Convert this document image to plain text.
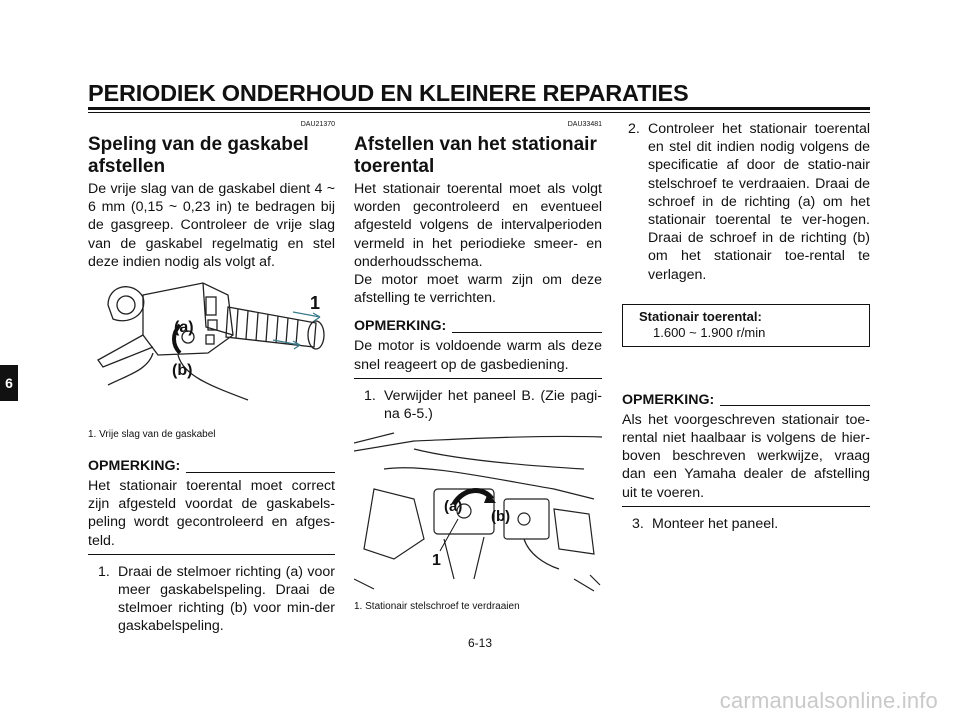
PERIODIEK ONDERHOUD EN KLEINERE REPARATIES
6
DAU21370
Speling van de gaskabel afstellen

De vrije slag van de gaskabel dient 4 ~ 6 mm (0,15 ~ 0,23 in) te bedragen bij de gasgreep. Controleer de vrije slag van de gaskabel regelmatig en stel deze indien nodig als volgt af.

(a)
(b)
1
1. Vrije slag van de gaskabel
OPMERKING:

Het stationair toerental moet correct zijn afgesteld voordat de gaskabels-peling wordt gecontroleerd en afges-teld.

1. Draai de stelmoer richting (a) voor meer gaskabelspeling. Draai de stelmoer richting (b) voor min-der gaskabelspeling.
DAU33481
Afstellen van het stationair toerental

Het stationair toerental moet als volgt worden gecontroleerd en eventueel afgesteld volgens de intervalperioden vermeld in het periodieke smeer- en onderhoudsschema.

De motor moet warm zijn om deze afstelling te verrichten.

OPMERKING:

De motor is voldoende warm als deze snel reageert op de gasbediening.

1. Verwijder het paneel B. (Zie pagi-na 6-5.)
(a)
(b)
1
1. Stationair stelschroef te verdraaien
2. Controleer het stationair toerental en stel dit indien nodig volgens de specificatie af door de statio-nair stelschroef te verdraaien. Draai de schroef in de richting (a) om het stationair toerental te ver-hogen. Draai de schroef in de richting (b) om het stationair toe-rental te verlagen.
Stationair toerental:
1.600 ~ 1.900 r/min
OPMERKING:

Als het voorgeschreven stationair toe-rental niet haalbaar is volgens de hier-boven beschreven werkwijze, vraag dan een Yamaha dealer de afstelling uit te voeren.

3. Monteer het paneel.
6-13
carmanualsonline.info
